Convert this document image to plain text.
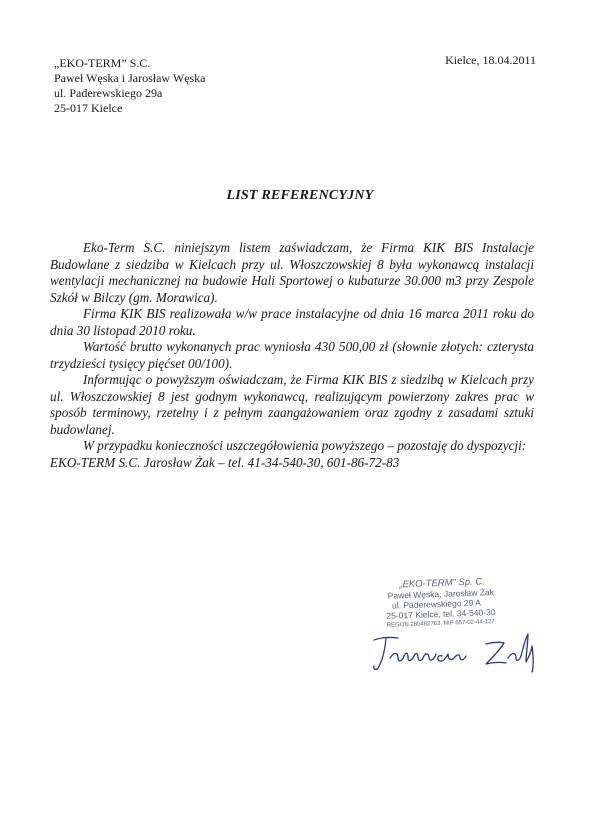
„EKO-TERM” S.C.
Paweł Węska i Jarosław Węska
ul. Paderewskiego 29a
25-017 Kielce
Kielce, 18.04.2011
LIST REFERENCYJNY

Eko-Term S.C. niniejszym listem zaświadczam, że Firma KIK BIS Instalacje Budowlane z siedziba w Kielcach przy ul. Włoszczowskiej 8 była wykonawcą instalacji wentylacji mechanicznej na budowie Hali Sportowej o kubaturze 30.000 m3 przy Zespole Szkół w Bilczy (gm. Morawica).

Firma KIK BIS realizowała w/w prace instalacyjne od dnia 16 marca 2011 roku do dnia 30 listopad 2010 roku.

Wartość brutto wykonanych prac wyniosła 430 500,00 zł (słownie złotych: czterysta trzydzieści tysięcy pięćset 00/100).

Informując o powyższym oświadczam, że Firma KIK BIS z siedzibą w Kielcach przy ul. Włoszczowskiej 8 jest godnym wykonawcą, realizującym powierzony zakres prac w sposób terminowy, rzetelny i z pełnym zaangażowaniem oraz zgodny z zasadami sztuki budowlanej.

W przypadku konieczności uszczegółowienia powyższego – pozostaję do dyspozycji:

EKO-TERM S.C. Jarosław Żak – tel. 41-34-540-30, 601-86-72-83

„EKO-TERM” Sp. C.
Paweł Węska, Jarosław Żak
ul. Paderewskiego 29 A
25-017 Kielce, tel. 34-540-30
REGON 280482763, NIP 657-02-44-127
